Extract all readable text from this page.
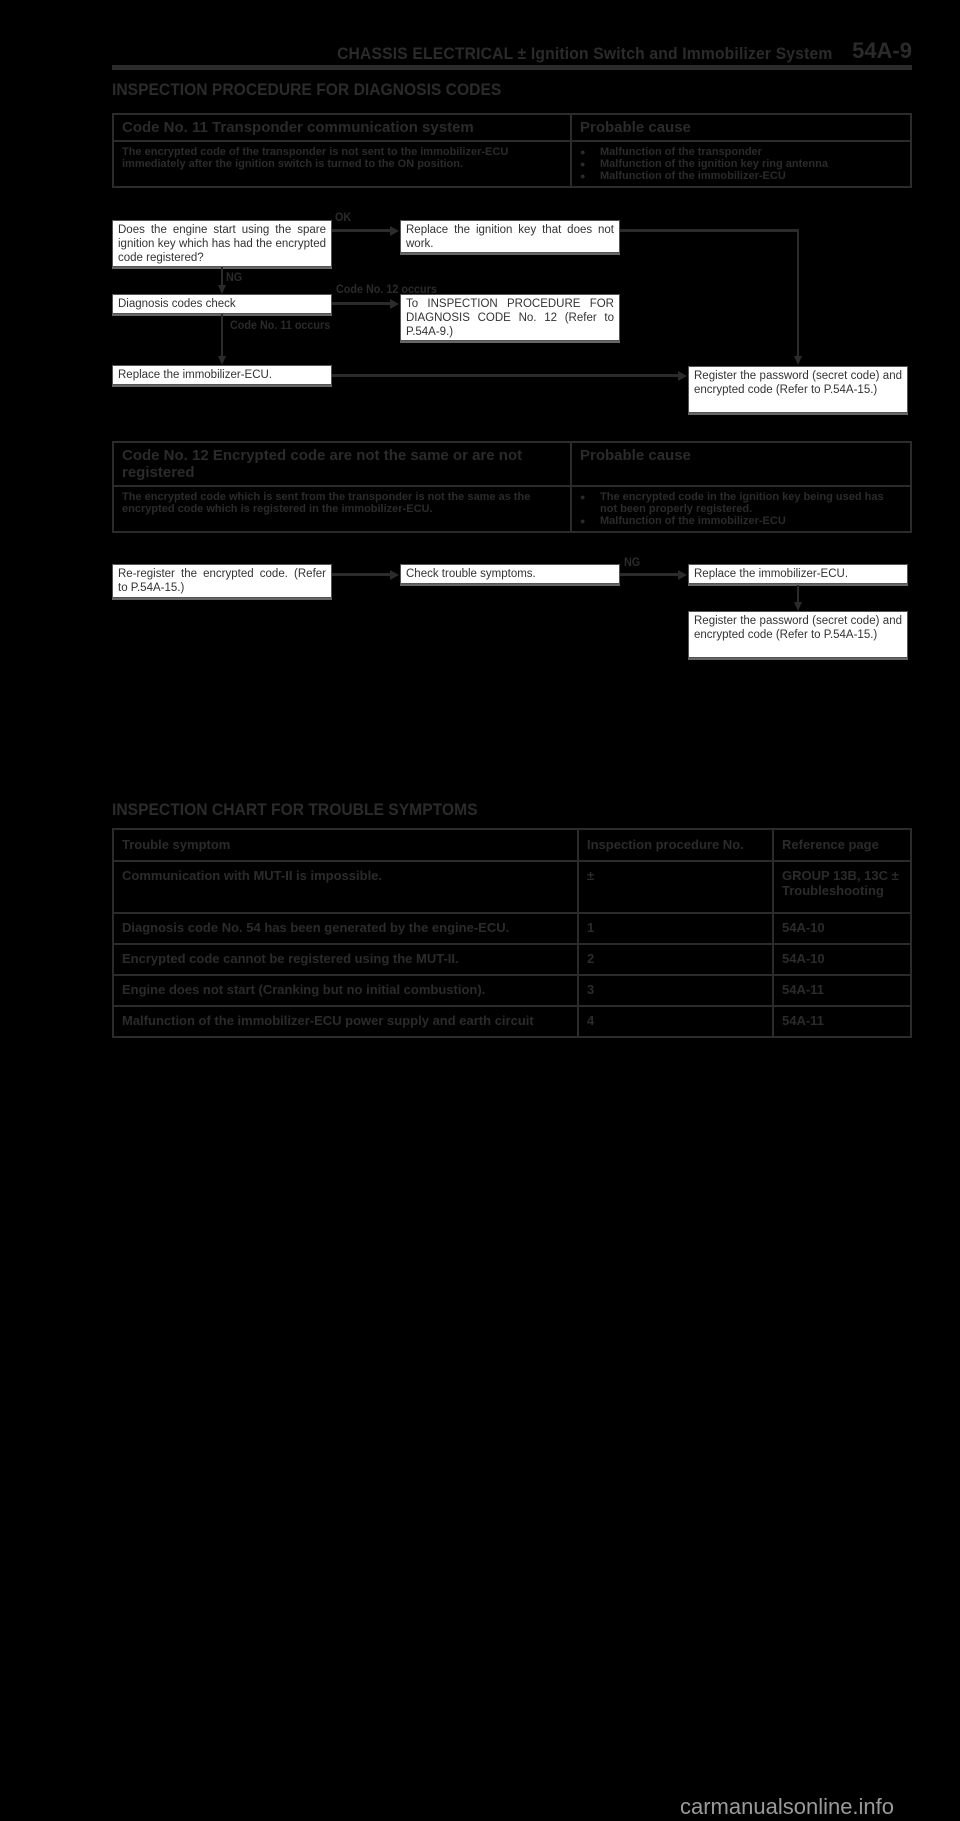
CHASSIS ELECTRICAL ± Ignition Switch and Immobilizer System 54A-9
INSPECTION PROCEDURE FOR DIAGNOSIS CODES
Code No. 11 Transponder communication system	Probable cause
The encrypted code of the transponder is not sent to the immobilizer-ECU immediately after the ignition switch is turned to the ON position.	
● Malfunction of the transponder
● Malfunction of the ignition key ring antenna
● Malfunction of the immobilizer-ECU
Does the engine start using the spare ignition key which has had the encrypted code registered?
Replace the ignition key that does not work.
Diagnosis codes check	To INSPECTION PROCEDURE FOR DIAGNOSIS CODE No. 12 (Refer to P.54A-9.)
Replace the immobilizer-ECU.	Register the password (secret code) and encrypted code (Refer to P.54A-15.)
OK
NG
Code No. 12 occurs
Code No. 11 occurs
Code No. 12 Encrypted code are not the same or are not registered	Probable cause
The encrypted code which is sent from the transponder is not the same as the encrypted code which is registered in the immobilizer-ECU.	
● The encrypted code in the ignition key being used has not been properly registered.
● Malfunction of the immobilizer-ECU
Re-register the encrypted code. (Refer to P.54A-15.)
Check trouble symptoms.	Replace the immobilizer-ECU.
Register the password (secret code) and encrypted code (Refer to P.54A-15.)
NG
INSPECTION CHART FOR TROUBLE SYMPTOMS
Trouble symptom	Inspection procedure No.	Reference page
Communication with MUT-II is impossible.	±	GROUP 13B, 13C ± Troubleshooting
Diagnosis code No. 54 has been generated by the engine-ECU.	1	54A-10
Encrypted code cannot be registered using the MUT-II.	2	54A-10
Engine does not start (Cranking but no initial combustion).	3	54A-11
Malfunction of the immobilizer-ECU power supply and earth circuit	4	54A-11
carmanualsonline.info
